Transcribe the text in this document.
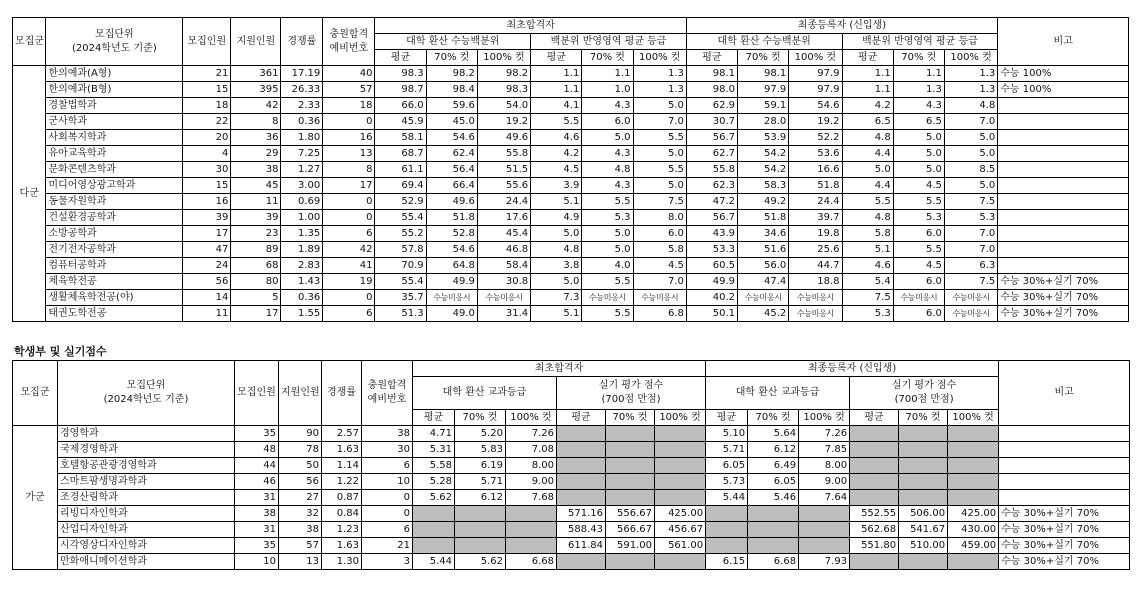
모집군	모집단위
(2024학년도 기준)	모집인원	지원인원	경쟁률	충원합격
예비번호	최초합격자						최종등록자 (신입생)						비고
						대학 환산 수능백분위			백분위 반영영역 평균 등급			대학 환산 수능백분위			백분위 반영영역 평균 등급			
						평균	70% 컷	100% 컷	평균	70% 컷	100% 컷	평균	70% 컷	100% 컷	평균	70% 컷	100% 컷	
다군	한의예과(A형)	21	361	17.19	40	98.3	98.2	98.2	1.1	1.1	1.3	98.1	98.1	97.9	1.1	1.1	1.3	수능 100%
	한의예과(B형)	15	395	26.33	57	98.7	98.4	98.3	1.1	1.0	1.3	98.0	97.9	97.9	1.1	1.3	1.3	수능 100%
	경찰법학과	18	42	2.33	18	66.0	59.6	54.0	4.1	4.3	5.0	62.9	59.1	54.6	4.2	4.3	4.8	
	군사학과	22	8	0.36	0	45.9	45.0	19.2	5.5	6.0	7.0	30.7	28.0	19.2	6.5	6.5	7.0	
	사회복지학과	20	36	1.80	16	58.1	54.6	49.6	4.6	5.0	5.5	56.7	53.9	52.2	4.8	5.0	5.0	
	유아교육학과	4	29	7.25	13	68.7	62.4	55.8	4.2	4.3	5.0	62.7	54.2	53.6	4.4	5.0	5.0	
	문화콘텐츠학과	30	38	1.27	8	61.1	56.4	51.5	4.5	4.8	5.5	55.8	54.2	16.6	5.0	5.0	8.5	
	미디어영상광고학과	15	45	3.00	17	69.4	66.4	55.6	3.9	4.3	5.0	62.3	58.3	51.8	4.4	4.5	5.0	
	동물자원학과	16	11	0.69	0	52.9	49.6	24.4	5.1	5.5	7.5	47.2	49.2	24.4	5.5	5.5	7.5	
	건설환경공학과	39	39	1.00	0	55.4	51.8	17.6	4.9	5.3	8.0	56.7	51.8	39.7	4.8	5.3	5.3	
	소방공학과	17	23	1.35	6	55.2	52.8	45.4	5.0	5.0	6.0	43.9	34.6	19.8	5.8	6.0	7.0	
	전기전자공학과	47	89	1.89	42	57.8	54.6	46.8	4.8	5.0	5.8	53.3	51.6	25.6	5.1	5.5	7.0	
	컴퓨터공학과	24	68	2.83	41	70.9	64.8	58.4	3.8	4.0	4.5	60.5	56.0	44.7	4.6	4.5	6.3	
	체육학전공	56	80	1.43	19	55.4	49.9	30.8	5.0	5.5	7.0	49.9	47.4	18.8	5.4	6.0	7.5	수능 30%+실기 70%
	생활체육학전공(야)	14	5	0.36	0	35.7	수능미응시	수능미응시	7.3	수능미응시	수능미응시	40.2	수능미응시	수능미응시	7.5	수능미응시	수능미응시	수능 30%+실기 70%
	태권도학전공	11	17	1.55	6	51.3	49.0	31.4	5.1	5.5	6.8	50.1	45.2	수능미응시	5.3	6.0	수능미응시	수능 30%+실기 70%
학생부 및 실기점수
모집군	모집단위
(2024학년도 기준)	모집인원	지원인원	경쟁률	충원합격
예비번호	최초합격자						최종등록자 (신입생)						비고
						대학 환산 교과등급			실기 평가 점수
(700점 만점)			대학 환산 교과등급			실기 평가 점수
(700점 만점)			
						평균	70% 컷	100% 컷	평균	70% 컷	100% 컷	평균	70% 컷	100% 컷	평균	70% 컷	100% 컷	
가군	경영학과	35	90	2.57	38	4.71	5.20	7.26				5.10	5.64	7.26				
	국제경영학과	48	78	1.63	30	5.31	5.83	7.08				5.71	6.12	7.85				
	호텔항공관광경영학과	44	50	1.14	6	5.58	6.19	8.00				6.05	6.49	8.00				
	스마트팜생명과학과	46	56	1.22	10	5.28	5.71	9.00				5.73	6.05	9.00				
	조경산림학과	31	27	0.87	0	5.62	6.12	7.68				5.44	5.46	7.64				
	리빙디자인학과	38	32	0.84	0				571.16	556.67	425.00				552.55	506.00	425.00	수능 30%+실기 70%
	산업디자인학과	31	38	1.23	6				588.43	566.67	456.67				562.68	541.67	430.00	수능 30%+실기 70%
	시각영상디자인학과	35	57	1.63	21				611.84	591.00	561.00				551.80	510.00	459.00	수능 30%+실기 70%
	만화애니메이션학과	10	13	1.30	3	5.44	5.62	6.68				6.15	6.68	7.93				수능 30%+실기 70%
